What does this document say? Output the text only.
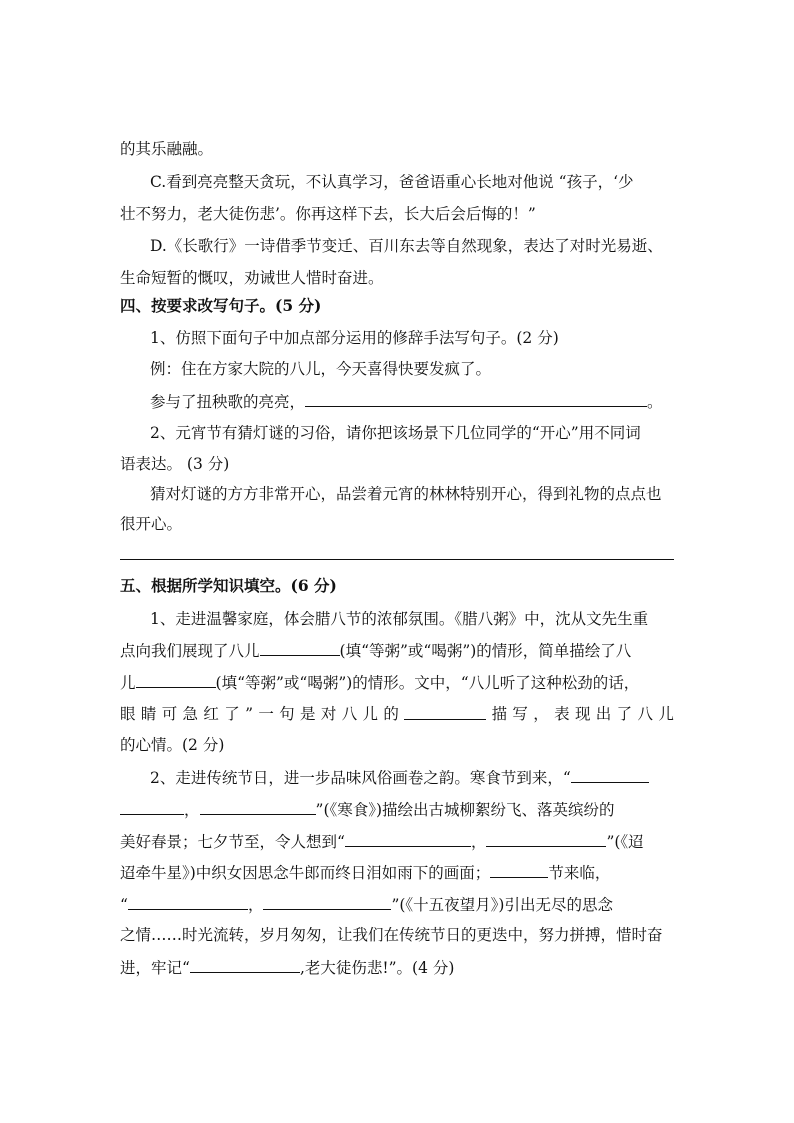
的其乐融融。
C.看到亮亮整天贪玩，不认真学习，爸爸语重心长地对他说 “孩子，‘少
壮不努力，老大徒伤悲’。你再这样下去，长大后会后悔的！”
D.《长歌行》一诗借季节变迁、百川东去等自然现象，表达了对时光易逝、
生命短暂的慨叹，劝诫世人惜时奋进。
四、按要求改写句子。(5 分)
1、仿照下面句子中加点部分运用的修辞手法写句子。(2 分)
例：住在方家大院的八儿，今天喜得快要发疯了。
参与了扭秧歌的亮亮，	。
2、元宵节有猜灯谜的习俗，请你把该场景下几位同学的“开心”用不同词
语表达。 (3 分)
猜对灯谜的方方非常开心，品尝着元宵的林林特别开心，得到礼物的点点也
很开心。
五、根据所学知识填空。(6 分)
1、走进温馨家庭，体会腊八节的浓郁氛围。《腊八粥》中，沈从文先生重
点向我们展现了八儿	(填“等粥”或“喝粥”)的情形，简单描绘了八
儿	(填“等粥”或“喝粥”)的情形。文中，“八儿听了这种松劲的话，
眼 睛 可 急 红 了 ” 一 句 是 对 八 儿 的	描 写 ， 表 现 出 了 八 儿
的心情。(2 分)
2、走进传统节日，进一步品味风俗画卷之韵。寒食节到来，“
，	”(《寒食》)描绘出古城柳絮纷飞、落英缤纷的
美好春景；七夕节至，令人想到“	，	”(《迢
迢牵牛星》)中织女因思念牛郎而终日泪如雨下的画面；	节来临，
“	，	”(《十五夜望月》)引出无尽的思念
之情……时光流转，岁月匆匆，让我们在传统节日的更迭中，努力拼搏，惜时奋
进，牢记“	,老大徒伤悲!”。(4 分)
